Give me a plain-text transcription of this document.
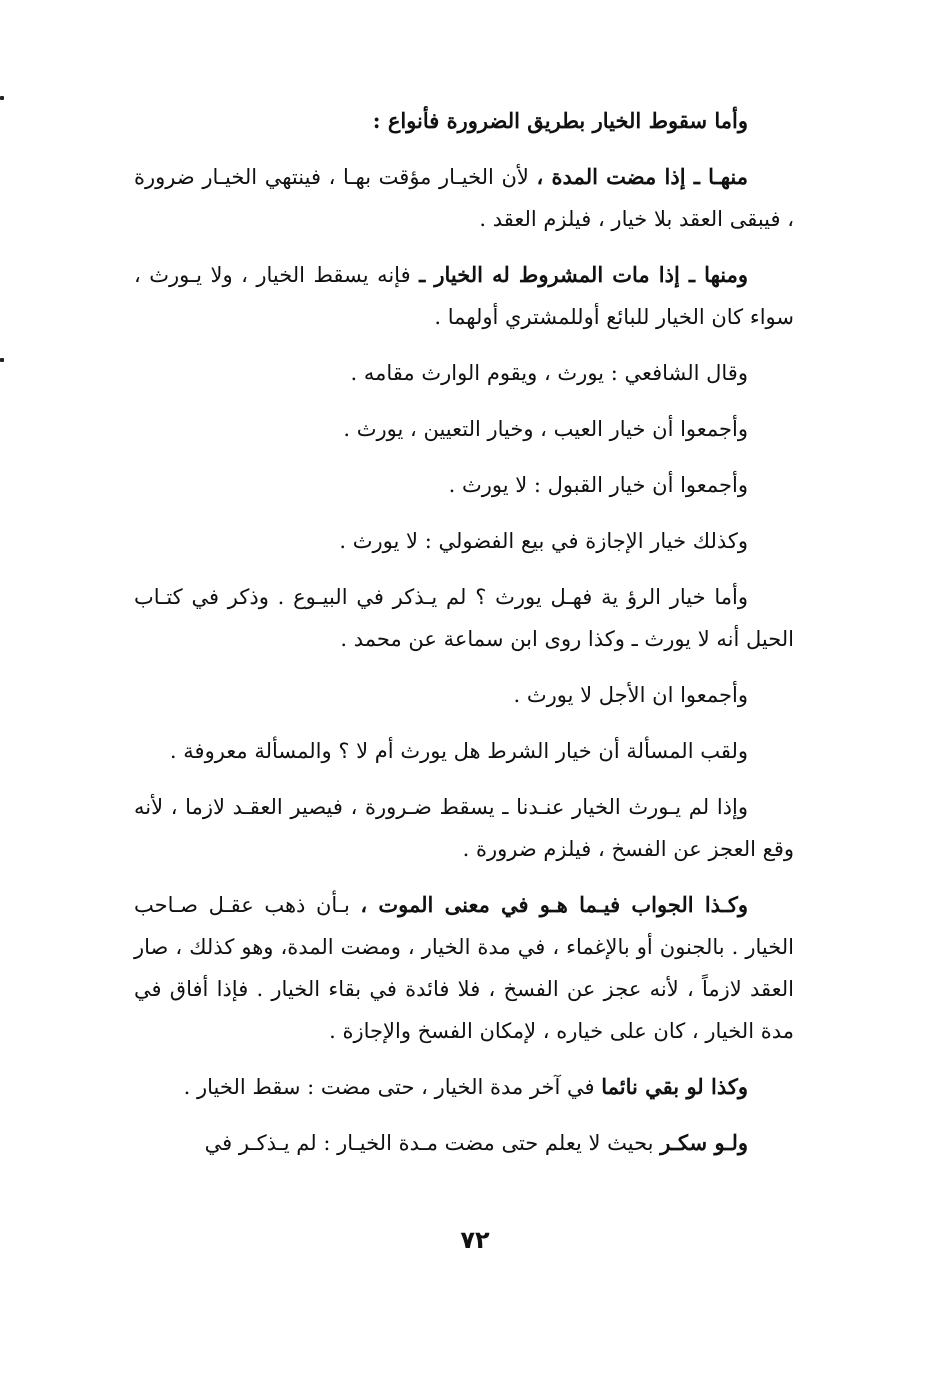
وأما سقوط الخيار بطريق الضرورة فأنواع :

منهـا ـ إذا مضت المدة ، لأن الخيـار مؤقت بهـا ، فينتهي الخيـار ضرورة ، فيبقى العقد بلا خيار ، فيلزم العقد .

ومنها ـ إذا مات المشروط له الخيار ـ فإنه يسقط الخيار ، ولا يـورث ، سواء كان الخيار للبائع أوللمشتري أولهما .

وقال الشافعي : يورث ، ويقوم الوارث مقامه .

وأجمعوا أن خيار العيب ، وخيار التعيين ، يورث .

وأجمعوا أن خيار القبول : لا يورث .

وكذلك خيار الإجازة في بيع الفضولي : لا يورث .

وأما خيار الرؤ ية فهـل يورث ؟ لم يـذكر في البيـوع . وذكر في كتـاب الحيل أنه لا يورث ـ وكذا روى ابن سماعة عن محمد .

وأجمعوا ان الأجل لا يورث .

ولقب المسألة أن خيار الشرط هل يورث أم لا ؟ والمسألة معروفة .

وإذا لم يـورث الخيار عنـدنا ـ يسقط ضـرورة ، فيصير العقـد لازما ، لأنه وقع العجز عن الفسخ ، فيلزم ضرورة .

وكـذا الجواب فيـما هـو في معنى الموت ، بـأن ذهب عقـل صـاحب الخيار . بالجنون أو بالإغماء ، في مدة الخيار ، ومضت المدة، وهو كذلك ، صار العقد لازماً ، لأنه عجز عن الفسخ ، فلا فائدة في بقاء الخيار . فإذا أفاق في مدة الخيار ، كان على خياره ، لإمكان الفسخ والإجازة .

وكذا لو بقي نائما في آخر مدة الخيار ، حتى مضت : سقط الخيار .

ولـو سكـر بحيث لا يعلم حتى مضت مـدة الخيـار : لم يـذكـر في

٧٢
